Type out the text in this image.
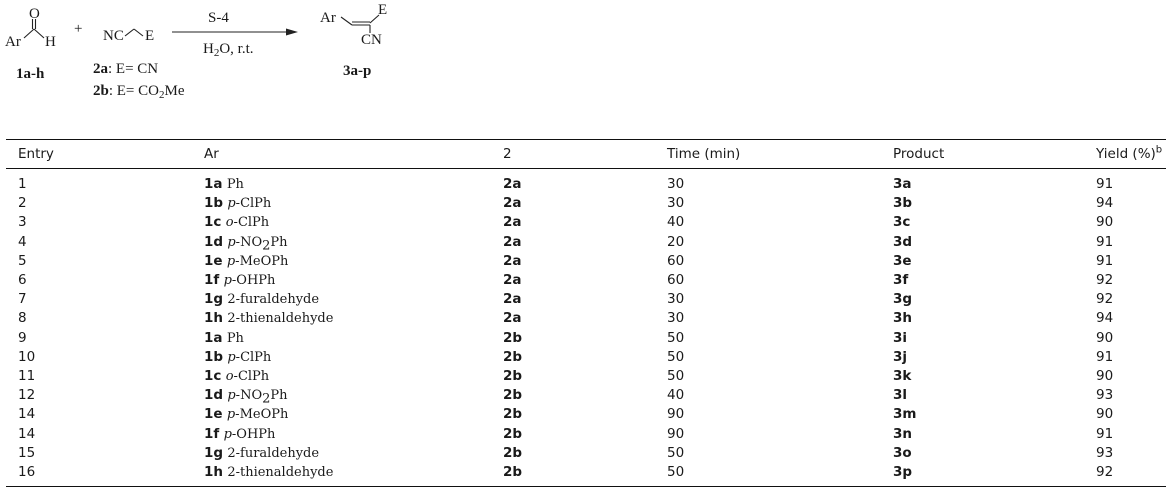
O
Ar H
1a-h
+ NC E
2a: E= CN
2b: $E= CO_2Me$
S-4
$H_2O$, r.t.
Ar	E
CN
3a-p
Entry	Ar	2	Time (min)	Product	Yield (%)$^b$
1	1a Ph	2a	30	3a	91
2	1b p-ClPh	2a	30	3b	94
3	1c o-ClPh	2a	40	3c	90
4	1d $p-NO_2Ph$	2a	20	3d	91
5	1e p-MeOPh	2a	60	3e	91
6	1f p-OHPh	2a	60	3f	92
7	1g 2-furaldehyde	2a	30	3g	92
8	1h 2-thienaldehyde	2a	30	3h	94
9	1a Ph	2b	50	3i	90
10	1b p-ClPh	2b	50	3j	91
11	1c o-ClPh	2b	50	3k	90
12	1d $p-NO_2Ph$	2b	40	3l	93
14	1e p-MeOPh	2b	90	3m	90
14	1f p-OHPh	2b	90	3n	91
15	1g 2-furaldehyde	2b	50	3o	93
16	1h 2-thienaldehyde	2b	50	3p	92
